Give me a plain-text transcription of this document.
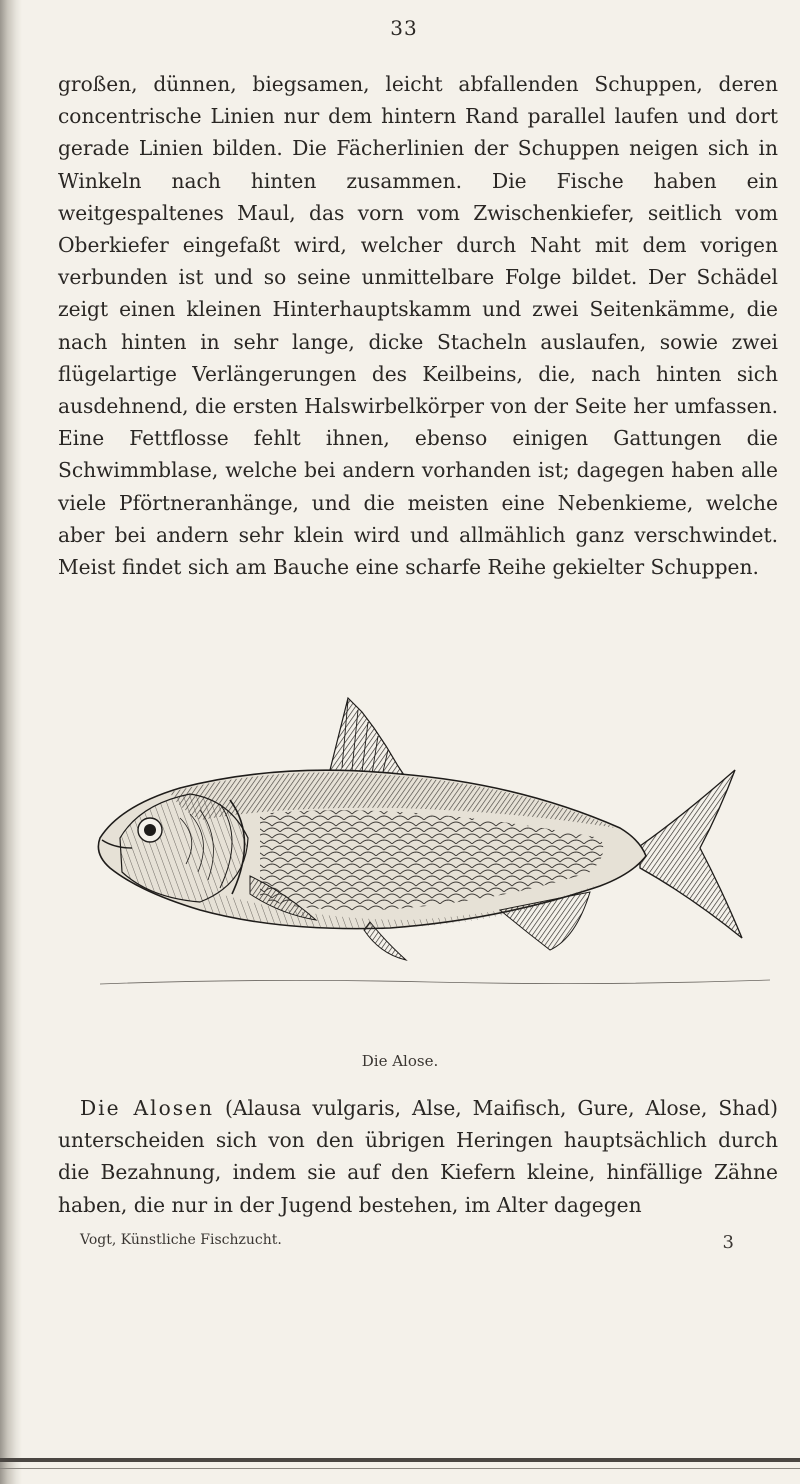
33

großen, dünnen, biegsamen, leicht abfallenden Schuppen, deren concentrische Linien nur dem hintern Rand parallel laufen und dort gerade Linien bilden. Die Fächerlinien der Schuppen neigen sich in Winkeln nach hinten zusammen. Die Fische haben ein weitgespaltenes Maul, das vorn vom Zwischenkiefer, seitlich vom Oberkiefer eingefaßt wird, welcher durch Naht mit dem vorigen verbunden ist und so seine unmittelbare Folge bildet. Der Schädel zeigt einen kleinen Hinterhauptskamm und zwei Seitenkämme, die nach hinten in sehr lange, dicke Stacheln auslaufen, sowie zwei flügelartige Verlängerungen des Keilbeins, die, nach hinten sich ausdehnend, die ersten Halswirbelkörper von der Seite her umfassen. Eine Fettflosse fehlt ihnen, ebenso einigen Gattungen die Schwimmblase, welche bei andern vorhanden ist; dagegen haben alle viele Pförtneranhänge, und die meisten eine Nebenkieme, welche aber bei andern sehr klein wird und allmählich ganz verschwindet. Meist findet sich am Bauche eine scharfe Reihe gekielter Schuppen.

Die Alose.

Die Alosen (Alausa vulgaris, Alse, Maifisch, Gure, Alose, Shad) unterscheiden sich von den übrigen Heringen hauptsächlich durch die Bezahnung, indem sie auf den Kiefern kleine, hinfällige Zähne haben, die nur in der Jugend bestehen, im Alter dagegen

Vogt, Künstliche Fischzucht.	3
